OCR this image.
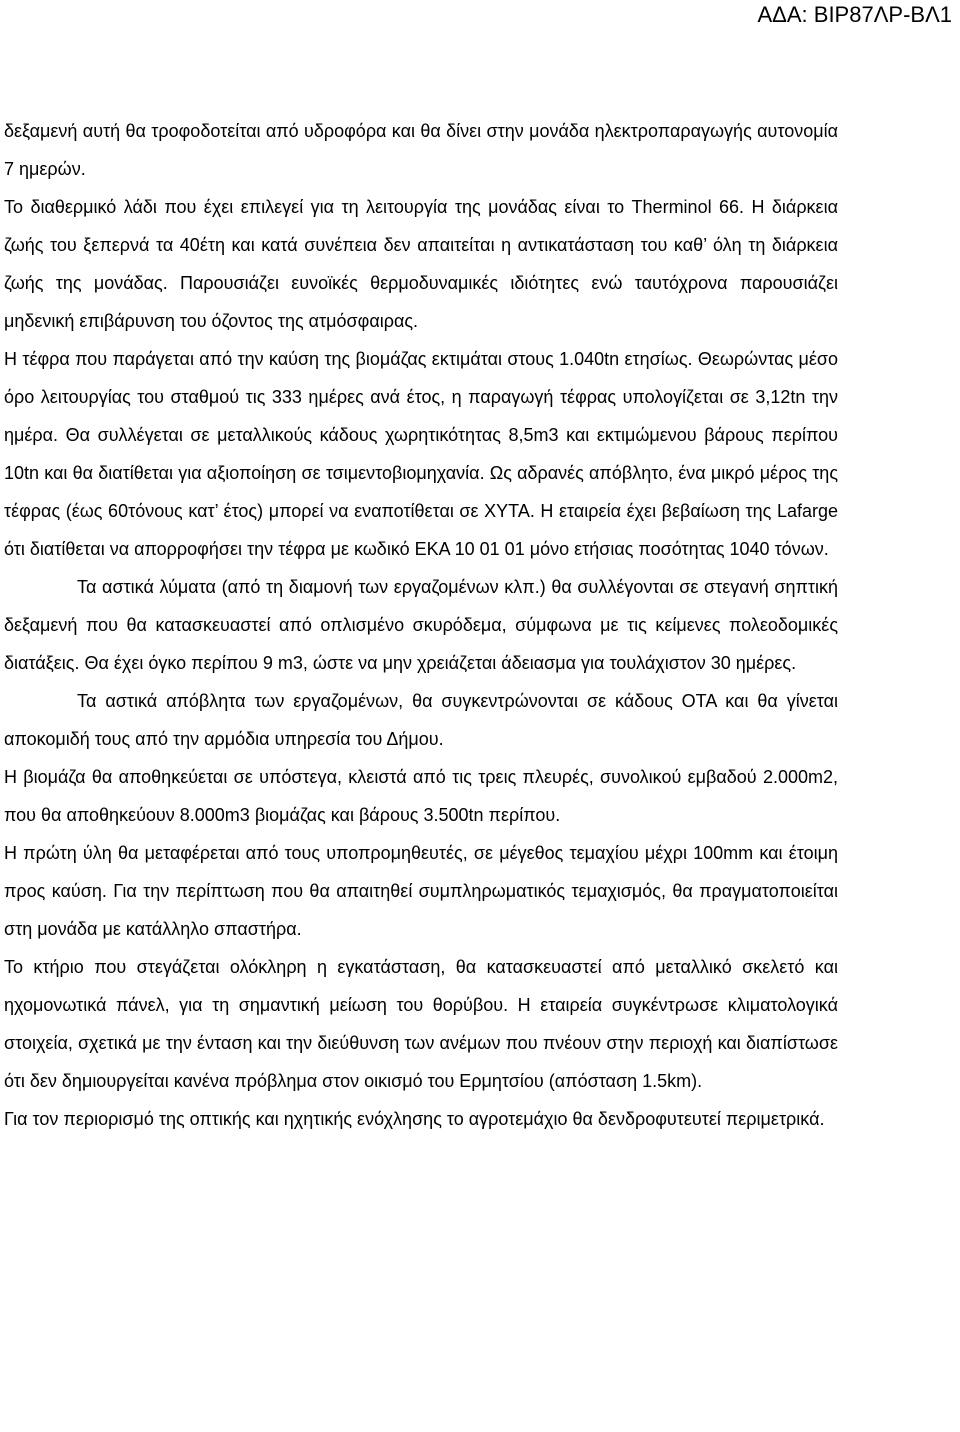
ΑΔΑ: ΒΙΡ87ΛΡ-ΒΛ1

δεξαμενή αυτή θα τροφοδοτείται από υδροφόρα και θα δίνει στην μονάδα ηλεκτροπαραγωγής αυτονομία 7 ημερών.

Το διαθερμικό λάδι που έχει επιλεγεί για τη λειτουργία της μονάδας είναι το Therminol 66. Η διάρκεια ζωής του ξεπερνά τα 40έτη και κατά συνέπεια δεν απαιτείται η αντικατάσταση του καθ’ όλη τη διάρκεια ζωής της μονάδας. Παρουσιάζει ευνοϊκές θερμοδυναμικές ιδιότητες ενώ ταυτόχρονα παρουσιάζει μηδενική επιβάρυνση του όζοντος της ατμόσφαιρας.

Η τέφρα που παράγεται από την καύση της βιομάζας εκτιμάται στους 1.040tn ετησίως. Θεωρώντας μέσο όρο λειτουργίας του σταθμού τις 333 ημέρες ανά έτος, η παραγωγή τέφρας υπολογίζεται σε 3,12tn την ημέρα. Θα συλλέγεται σε μεταλλικούς κάδους χωρητικότητας 8,5m3 και εκτιμώμενου βάρους περίπου 10tn και θα διατίθεται για αξιοποίηση σε τσιμεντοβιομηχανία. Ως αδρανές απόβλητο, ένα μικρό μέρος της τέφρας (έως 60τόνους κατ’ έτος) μπορεί να εναποτίθεται σε ΧΥΤΑ. Η εταιρεία έχει βεβαίωση της Lafarge ότι διατίθεται να απορροφήσει την τέφρα με κωδικό ΕΚΑ 10 01 01 μόνο ετήσιας ποσότητας 1040 τόνων.

Τα αστικά λύματα (από τη διαμονή των εργαζομένων κλπ.) θα συλλέγονται σε στεγανή σηπτική δεξαμενή που θα κατασκευαστεί από οπλισμένο σκυρόδεμα, σύμφωνα με τις κείμενες πολεοδομικές διατάξεις. Θα έχει όγκο περίπου 9 m3, ώστε να μην χρειάζεται άδειασμα για τουλάχιστον 30 ημέρες.

Τα αστικά απόβλητα των εργαζομένων, θα συγκεντρώνονται σε κάδους ΟΤΑ και θα γίνεται αποκομιδή τους από την αρμόδια υπηρεσία του Δήμου.

Η βιομάζα θα αποθηκεύεται σε υπόστεγα, κλειστά από τις τρεις πλευρές, συνολικού εμβαδού 2.000m2, που θα αποθηκεύουν 8.000m3 βιομάζας και βάρους 3.500tn περίπου.

Η πρώτη ύλη θα μεταφέρεται από τους υποπρομηθευτές, σε μέγεθος τεμαχίου μέχρι 100mm και έτοιμη προς καύση. Για την περίπτωση που θα απαιτηθεί συμπληρωματικός τεμαχισμός, θα πραγματοποιείται στη μονάδα με κατάλληλο σπαστήρα.

Το κτήριο που στεγάζεται ολόκληρη η εγκατάσταση, θα κατασκευαστεί από μεταλλικό σκελετό και ηχομονωτικά πάνελ, για τη σημαντική μείωση του θορύβου. Η εταιρεία συγκέντρωσε κλιματολογικά στοιχεία, σχετικά με την ένταση και την διεύθυνση των ανέμων που πνέουν στην περιοχή και διαπίστωσε ότι δεν δημιουργείται κανένα πρόβλημα στον οικισμό του Ερμητσίου (απόσταση 1.5km).

Για τον περιορισμό της οπτικής και ηχητικής ενόχλησης το αγροτεμάχιο θα δενδροφυτευτεί περιμετρικά.
